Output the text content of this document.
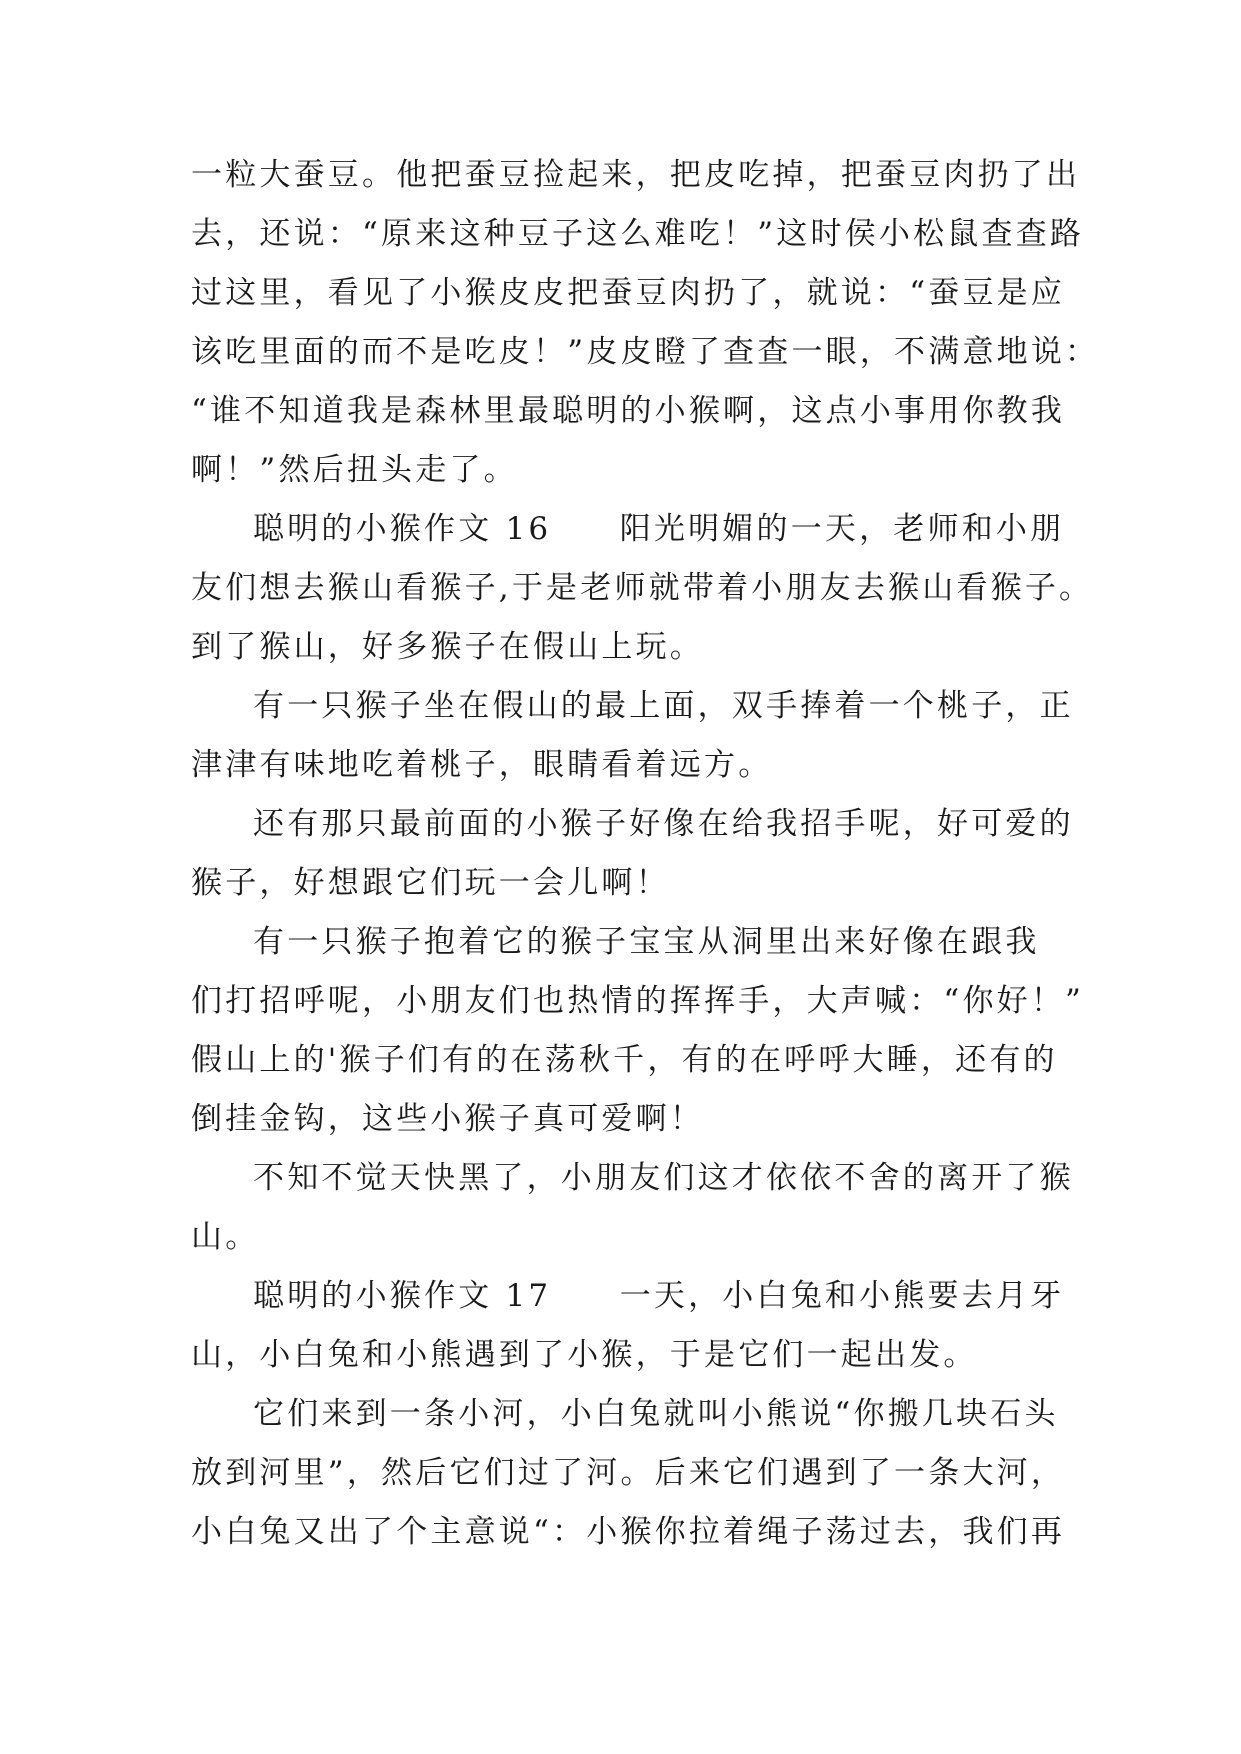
一粒大蚕豆。他把蚕豆捡起来，把皮吃掉，把蚕豆肉扔了出
去，还说：“原来这种豆子这么难吃！”这时侯小松鼠查查路
过这里，看见了小猴皮皮把蚕豆肉扔了，就说：“蚕豆是应
该吃里面的而不是吃皮！”皮皮瞪了查查一眼，不满意地说：
“谁不知道我是森林里最聪明的小猴啊，这点小事用你教我
啊！”然后扭头走了。
聪明的小猴作文 16　　阳光明媚的一天，老师和小朋
友们想去猴山看猴子,于是老师就带着小朋友去猴山看猴子。
到了猴山，好多猴子在假山上玩。
有一只猴子坐在假山的最上面，双手捧着一个桃子，正
津津有味地吃着桃子，眼睛看着远方。
还有那只最前面的小猴子好像在给我招手呢，好可爱的
猴子，好想跟它们玩一会儿啊！
有一只猴子抱着它的猴子宝宝从洞里出来好像在跟我
们打招呼呢，小朋友们也热情的挥挥手，大声喊：“你好！”
假山上的'猴子们有的在荡秋千，有的在呼呼大睡，还有的
倒挂金钩，这些小猴子真可爱啊！
不知不觉天快黑了，小朋友们这才依依不舍的离开了猴
山。
聪明的小猴作文 17　　一天，小白兔和小熊要去月牙
山，小白兔和小熊遇到了小猴，于是它们一起出发。
它们来到一条小河，小白兔就叫小熊说“你搬几块石头
放到河里”，然后它们过了河。后来它们遇到了一条大河，
小白兔又出了个主意说“：小猴你拉着绳子荡过去，我们再
